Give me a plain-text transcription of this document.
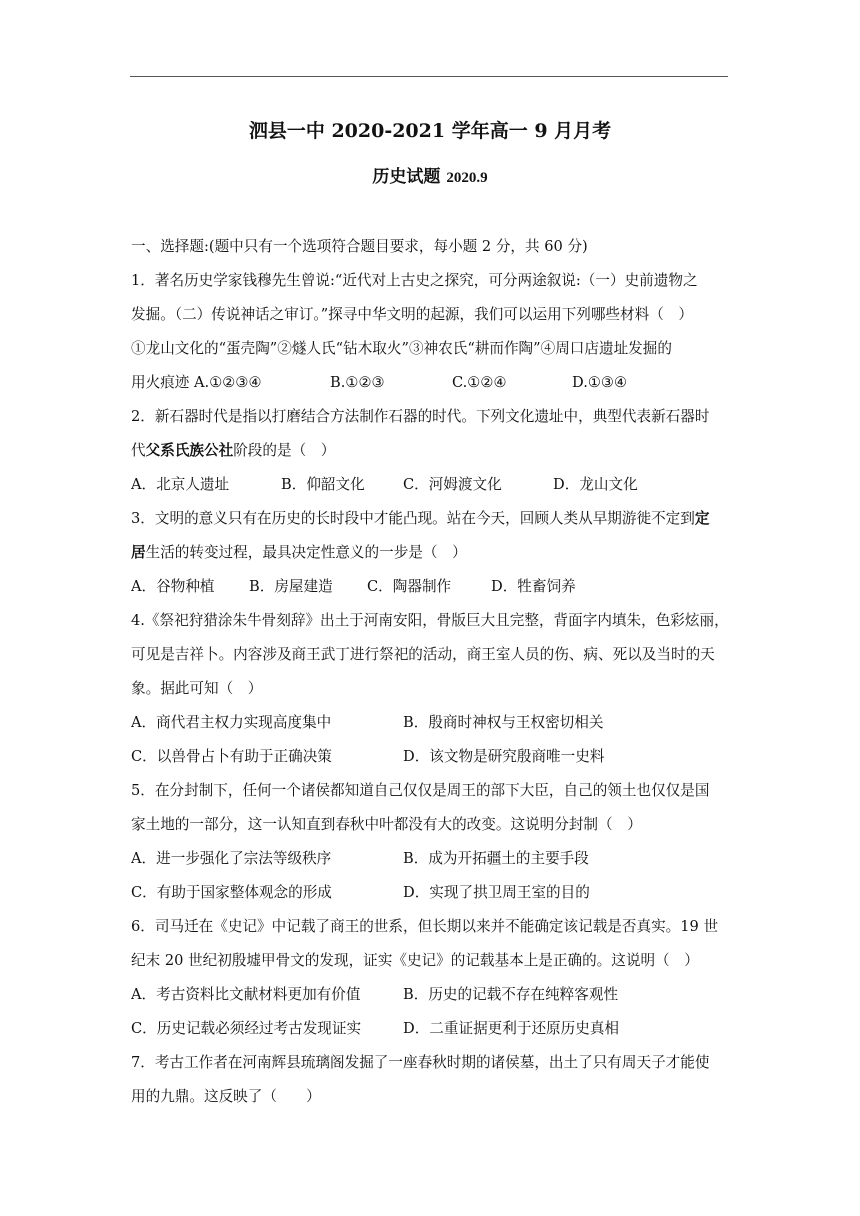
泗县一中 2020-2021 学年高一 9 月月考
历史试题 2020.9
一、选择题:(题中只有一个选项符合题目要求，每小题 2 分，共 60 分)
1．著名历史学家钱穆先生曾说:“近代对上古史之探究，可分两途叙说:（一）史前遗物之
发掘。（二）传说神话之审订。”探寻中华文明的起源，我们可以运用下列哪些材料（　）
①龙山文化的“蛋壳陶”②燧人氏“钻木取火”③神农氏“耕而作陶”④周口店遗址发掘的
用火痕迹 A.①②③④	B.①②③	C.①②④	D.①③④
2．新石器时代是指以打磨结合方法制作石器的时代。下列文化遗址中，典型代表新石器时
代父系氏族公社阶段的是（　）
A．北京人遗址	B．仰韶文化	C．河姆渡文化	D．龙山文化
3．文明的意义只有在历史的长时段中才能凸现。站在今天，回顾人类从早期游徙不定到定
居生活的转变过程，最具决定性意义的一步是（　）
A．谷物种植 B．房屋建造 C．陶器制作	D．牲畜饲养
4.《祭祀狩猎涂朱牛骨刻辞》出土于河南安阳，骨版巨大且完整，背面字内填朱，色彩炫丽，
可见是吉祥卜。内容涉及商王武丁进行祭祀的活动，商王室人员的伤、病、死以及当时的天
象。据此可知（　）
A．商代君主权力实现高度集中	B．殷商时神权与王权密切相关
C．以兽骨占卜有助于正确决策	D．该文物是研究殷商唯一史料
5．在分封制下，任何一个诸侯都知道自己仅仅是周王的部下大臣，自己的领土也仅仅是国
家土地的一部分，这一认知直到春秋中叶都没有大的改变。这说明分封制（　）
A．进一步强化了宗法等级秩序	B．成为开拓疆土的主要手段
C．有助于国家整体观念的形成	D．实现了拱卫周王室的目的
6．司马迁在《史记》中记载了商王的世系，但长期以来并不能确定该记载是否真实。19 世
纪末 20 世纪初殷墟甲骨文的发现，证实《史记》的记载基本上是正确的。这说明（　）
A．考古资料比文献材料更加有价值	B．历史的记载不存在纯粹客观性
C．历史记载必须经过考古发现证实	D．二重证据更利于还原历史真相
7．考古工作者在河南辉县琉璃阁发掘了一座春秋时期的诸侯墓，出土了只有周天子才能使
用的九鼎。这反映了（　　）
